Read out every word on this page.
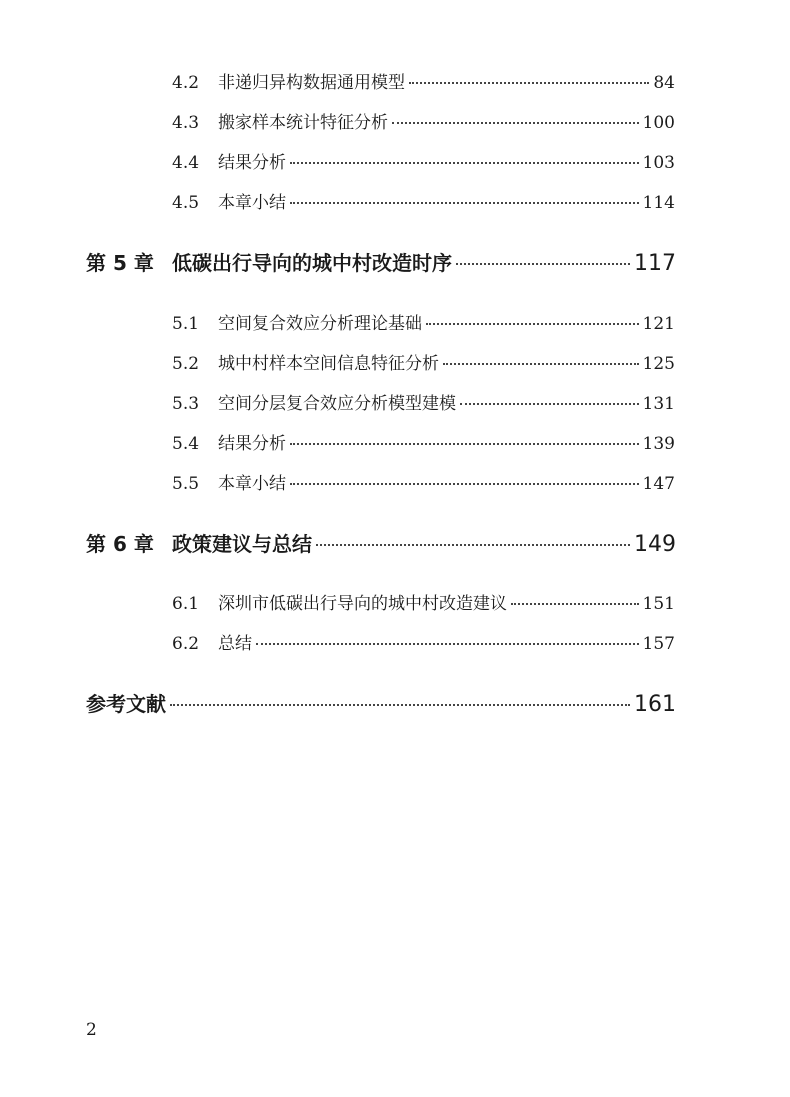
4.2	非递归异构数据通用模型	84
4.3	搬家样本统计特征分析	100
4.4	结果分析	103
4.5	本章小结	114
第 5 章 低碳出行导向的城中村改造时序	117
5.1	空间复合效应分析理论基础	121
5.2	城中村样本空间信息特征分析	125
5.3	空间分层复合效应分析模型建模	131
5.4	结果分析	139
5.5	本章小结	147
第 6 章 政策建议与总结	149
6.1	深圳市低碳出行导向的城中村改造建议	151
6.2	总结	157
参考文献	161
2
